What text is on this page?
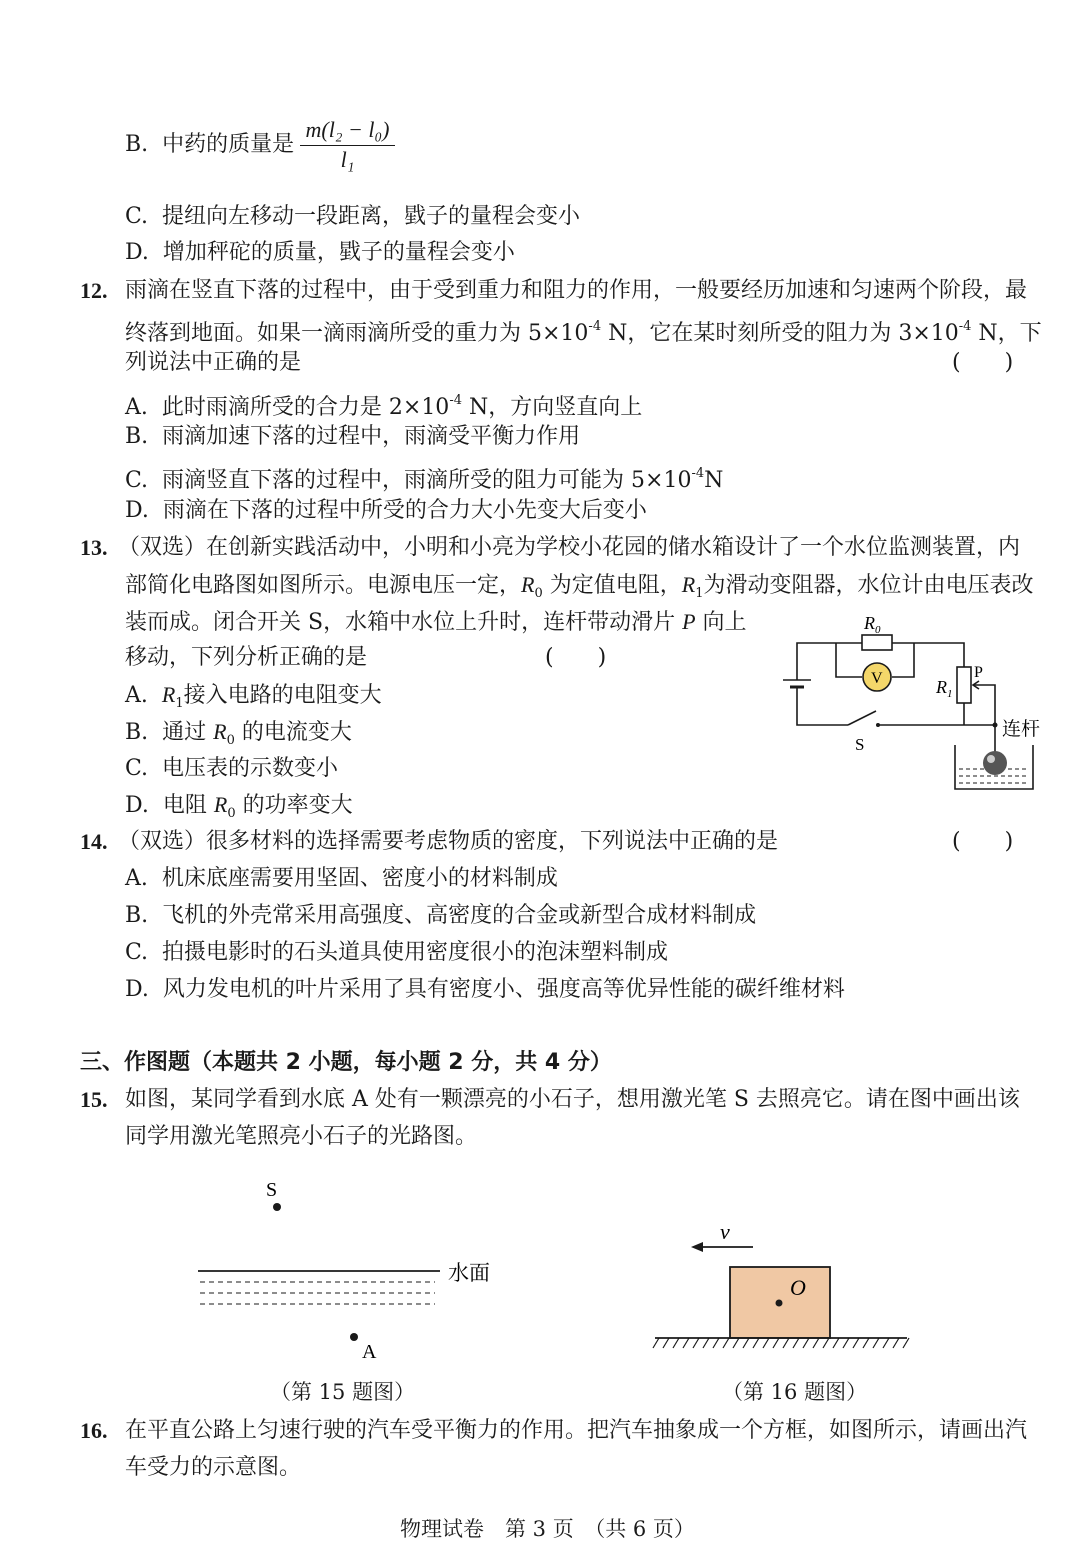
B. 中药的质量是
m(l₂ − l₀)
l₁
C. 提纽向左移动一段距离，戥子的量程会变小
D. 增加秤砣的质量，戥子的量程会变小
12. 雨滴在竖直下落的过程中，由于受到重力和阻力的作用，一般要经历加速和匀速两个阶段，最
终落到地面。如果一滴雨滴所受的重力为 $5\times 10^{-4}$ N，它在某时刻所受的阻力为 $3\times 10^{-4}$ N，下
列说法中正确的是	(　　)
A. 此时雨滴所受的合力是 $2\times 10^{-4}$ N，方向竖直向上
B. 雨滴加速下落的过程中，雨滴受平衡力作用
C. 雨滴竖直下落的过程中，雨滴所受的阻力可能为 $5\times 10^{-4}N$
D. 雨滴在下落的过程中所受的合力大小先变大后变小
13. （双选）在创新实践活动中，小明和小亮为学校小花园的储水箱设计了一个水位监测装置，内
部简化电路图如图所示。电源电压一定，$R_0$ 为定值电阻，$R_1$为滑动变阻器，水位计由电压表改
装而成。闭合开关 S，水箱中水位上升时，连杆带动滑片 P 向上
移动，下列分析正确的是	(　　)
A. $R_1$接入电路的电阻变大
B. 通过 $R_0$ 的电流变大
C. 电压表的示数变小
D. 电阻 $R_0$ 的功率变大
$R_0$
V	$R_1$
P
S
连杆
14. （双选）很多材料的选择需要考虑物质的密度，下列说法中正确的是	(　　)
A. 机床底座需要用坚固、密度小的材料制成
B. 飞机的外壳常采用高强度、高密度的合金或新型合成材料制成
C. 拍摄电影时的石头道具使用密度很小的泡沫塑料制成
D. 风力发电机的叶片采用了具有密度小、强度高等优异性能的碳纤维材料
三、作图题（本题共 2 小题，每小题 2 分，共 4 分）
15. 如图，某同学看到水底 A 处有一颗漂亮的小石子，想用激光笔 S 去照亮它。请在图中画出该
同学用激光笔照亮小石子的光路图。
S
水面
A
（第 15 题图）
v
O
（第 16 题图）
16. 在平直公路上匀速行驶的汽车受平衡力的作用。把汽车抽象成一个方框，如图所示，请画出汽
车受力的示意图。
物理试卷　第 3 页　（共 6 页）
